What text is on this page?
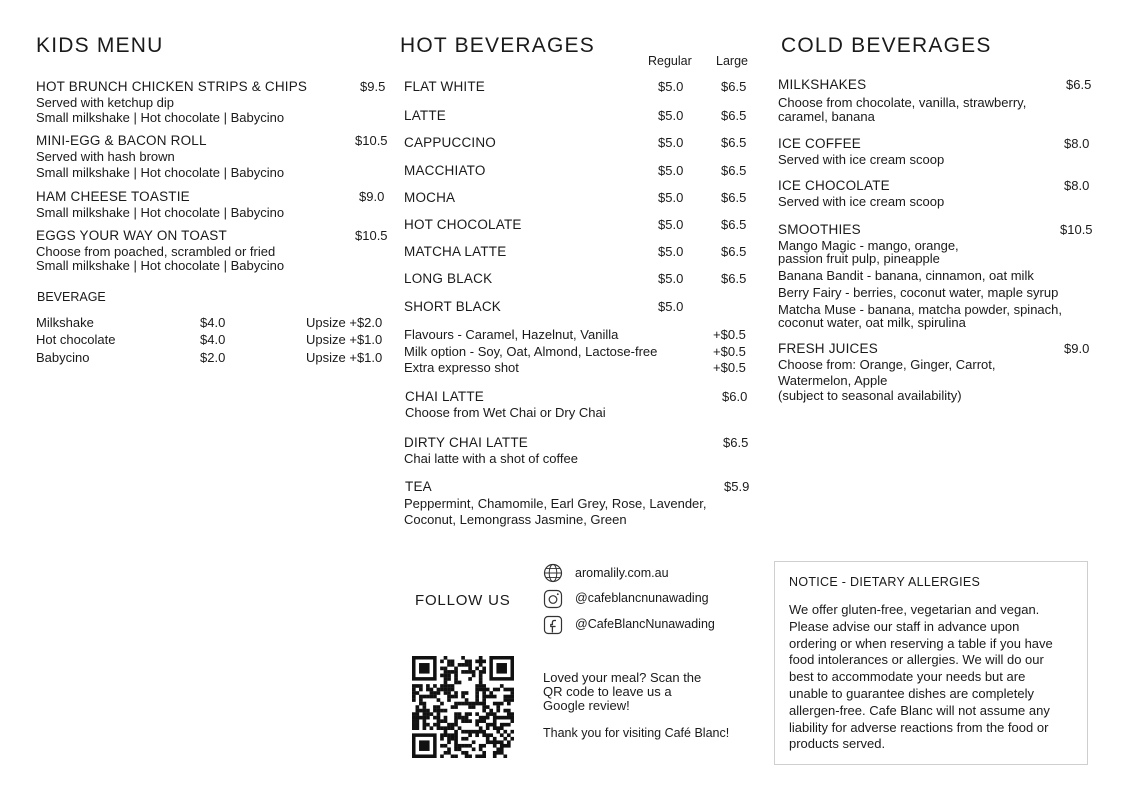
KIDS MENU
HOT BRUNCH CHICKEN STRIPS & CHIPS	$9.5
Served with ketchup dip
Small milkshake | Hot chocolate | Babycino
MINI-EGG & BACON ROLL	$10.5
Served with hash brown
Small milkshake | Hot chocolate | Babycino
HAM CHEESE TOASTIE	$9.0
Small milkshake | Hot chocolate | Babycino
EGGS YOUR WAY ON TOAST	$10.5
Choose from poached, scrambled or fried
Small milkshake | Hot chocolate | Babycino
BEVERAGE
Milkshake	$4.0	Upsize +$2.0
Hot chocolate	$4.0	Upsize +$1.0
Babycino	$2.0	Upsize +$1.0
HOT BEVERAGES
Regular Large
FLAT WHITE	$5.0	$6.5
LATTE	$5.0	$6.5
CAPPUCCINO	$5.0	$6.5
MACCHIATO	$5.0	$6.5
MOCHA	$5.0	$6.5
HOT CHOCOLATE	$5.0	$6.5
MATCHA LATTE	$5.0	$6.5
LONG BLACK	$5.0	$6.5
SHORT BLACK	$5.0
Flavours - Caramel, Hazelnut, Vanilla	+$0.5
Milk option - Soy, Oat, Almond, Lactose-free	+$0.5
Extra expresso shot	+$0.5
CHAI LATTE	$6.0
Choose from Wet Chai or Dry Chai
DIRTY CHAI LATTE	$6.5
Chai latte with a shot of coffee
TEA	$5.9
Peppermint, Chamomile, Earl Grey, Rose, Lavender,
Coconut, Lemongrass Jasmine, Green
COLD BEVERAGES
MILKSHAKES	$6.5
Choose from chocolate, vanilla, strawberry,
caramel, banana
ICE COFFEE	$8.0
Served with ice cream scoop
ICE CHOCOLATE	$8.0
Served with ice cream scoop
SMOOTHIES	$10.5
Mango Magic - mango, orange,
passion fruit pulp, pineapple
Banana Bandit - banana, cinnamon, oat milk
Berry Fairy - berries, coconut water, maple syrup
Matcha Muse - banana, matcha powder, spinach,
coconut water, oat milk, spirulina
FRESH JUICES	$9.0
Choose from: Orange, Ginger, Carrot,
Watermelon, Apple
(subject to seasonal availability)
FOLLOW US
aromalily.com.au
@cafeblancnunawading
@CafeBlancNunawading
Loved your meal? Scan the
QR code to leave us a
Google review!
Thank you for visiting Café Blanc!
NOTICE - DIETARY ALLERGIES
We offer gluten-free, vegetarian and vegan.
Please advise our staff in advance upon
ordering or when reserving a table if you have
food intolerances or allergies. We will do our
best to accommodate your needs but are
unable to guarantee dishes are completely
allergen-free. Cafe Blanc will not assume any
liability for adverse reactions from the food or
products served.
